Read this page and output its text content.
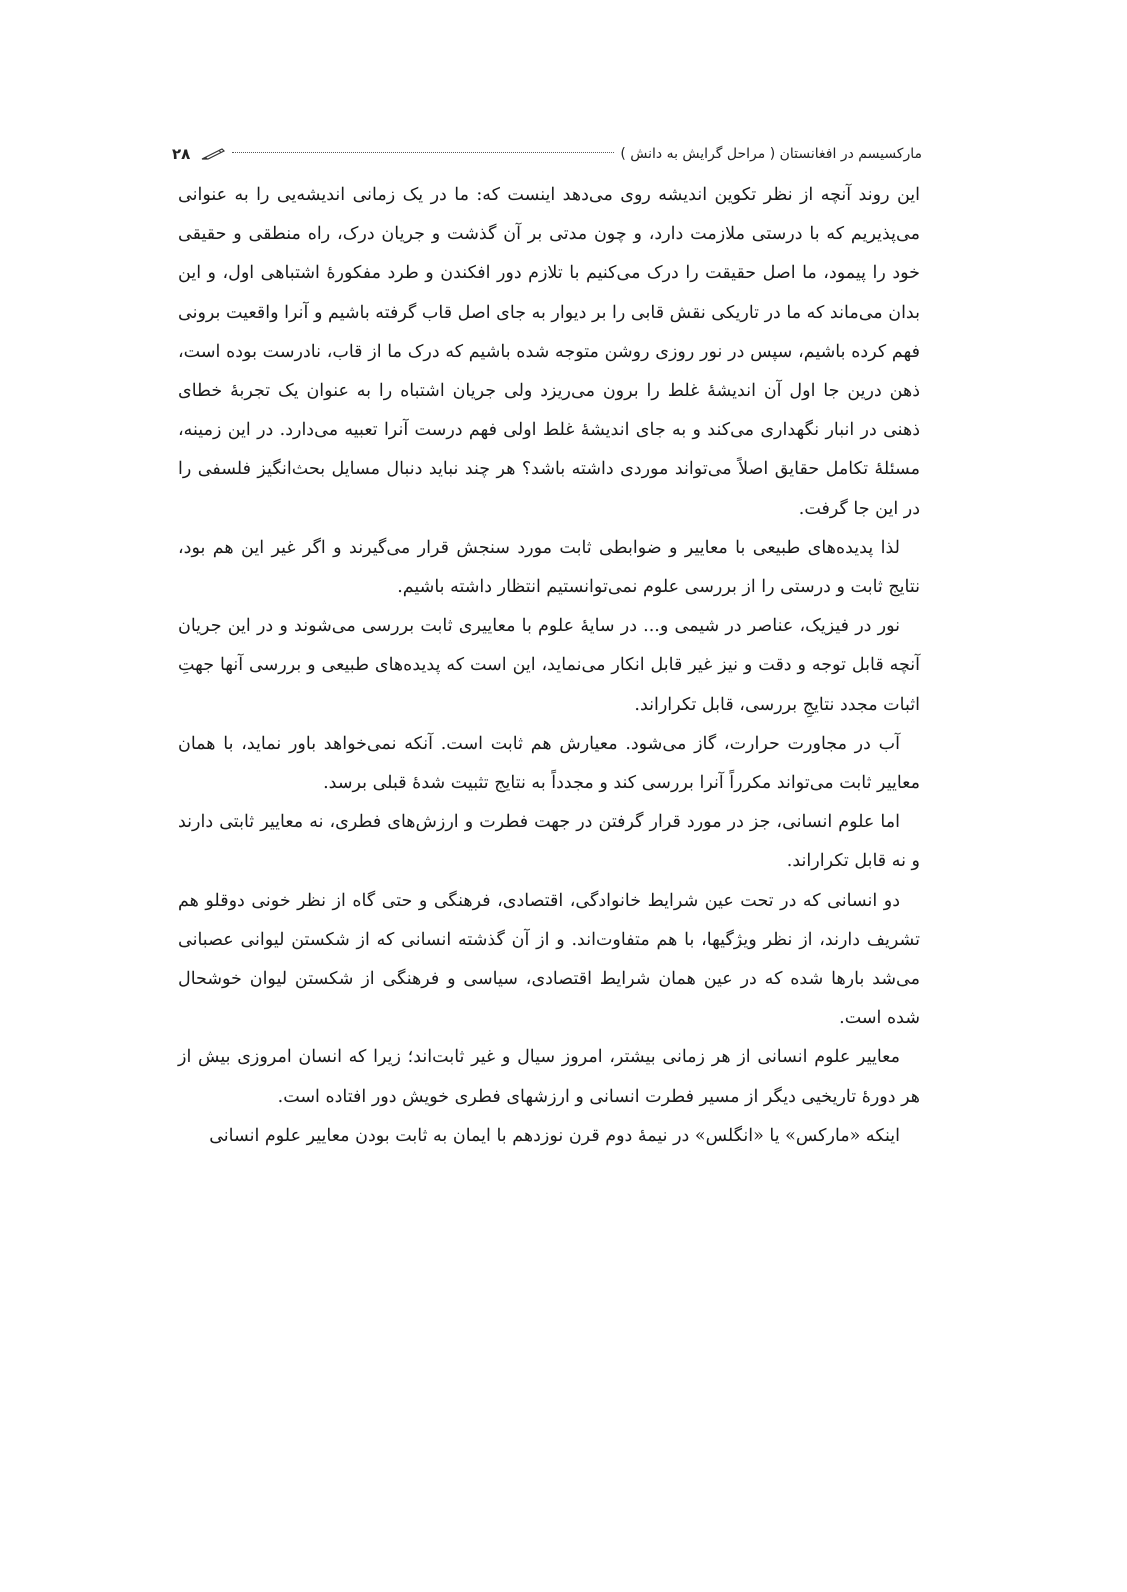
مارکسیسم در افغانستان ( مراحل گرایش به دانش )
۲۸

این روند آنچه از نظر تکوین اندیشه روی می‌دهد اینست که: ما در یک زمانی اندیشه‌یی را به عنوانی می‌پذیریم که با درستی ملازمت دارد، و چون مدتی بر آن گذشت و جریان درک، راه منطقی و حقیقی خود را پیمود، ما اصل حقیقت را درک می‌کنیم با تلازم دور افکندن و طرد مفکورهٔ اشتباهی اول، و این بدان می‌ماند که ما در تاریکی نقش قابی را بر دیوار به جای اصل قاب گرفته باشیم و آنرا واقعیت برونی فهم کرده باشیم، سپس در نور روزی روشن متوجه شده باشیم که درک ما از قاب، نادرست بوده است، ذهن درین جا اول آن اندیشهٔ غلط را برون می‌ریزد ولی جریان اشتباه را به عنوان یک تجربهٔ خطای ذهنی در انبار نگهداری می‌کند و به جای اندیشهٔ غلط اولی فهم درست آنرا تعبیه می‌دارد. در این زمینه، مسئلهٔ تکامل حقایق اصلاً می‌تواند موردی داشته باشد؟ هر چند نباید دنبال مسایل بحث‌انگیز فلسفی را در این جا گرفت.

لذا پدیده‌های طبیعی با معاییر و ضوابطی ثابت مورد سنجش قرار می‌گیرند و اگر غیر این هم بود، نتایج ثابت و درستی را از بررسی علوم نمی‌توانستیم انتظار داشته باشیم.

نور در فیزیک، عناصر در شیمی و... در سایهٔ علوم با معاییری ثابت بررسی می‌شوند و در این جریان آنچه قابل توجه و دقت و نیز غیر قابل انکار می‌نماید، این است که پدیده‌های طبیعی و بررسی آنها جهتِ اثبات مجدد نتایجِ بررسی، قابل تکراراند.

آب در مجاورت حرارت، گاز می‌شود. معیارش هم ثابت است. آنکه نمی‌خواهد باور نماید، با همان معاییر ثابت می‌تواند مکرراً آنرا بررسی کند و مجدداً به نتایج تثبیت شدهٔ قبلی برسد.

اما علوم انسانی، جز در مورد قرار گرفتن در جهت فطرت و ارزش‌های فطری، نه معاییر ثابتی دارند و نه قابل تکراراند.

دو انسانی که در تحت عین شرایط خانوادگی، اقتصادی، فرهنگی و حتی گاه از نظر خونی دوقلو هم تشریف دارند، از نظر ویژگیها، با هم متفاوت‌اند. و از آن گذشته انسانی که از شکستن لیوانی عصبانی می‌شد بارها شده که در عین همان شرایط اقتصادی، سیاسی و فرهنگی از شکستن لیوان خوشحال شده است.

معاییر علوم انسانی از هر زمانی بیشتر، امروز سیال و غیر ثابت‌اند؛ زیرا که انسان امروزی بیش از هر دورهٔ تاریخیی دیگر از مسیر فطرت انسانی و ارزشهای فطری خویش دور افتاده است.

اینکه «مارکس» یا «انگلس» در نیمهٔ دوم قرن نوزدهم با ایمان به ثابت بودن معاییر علوم انسانی
